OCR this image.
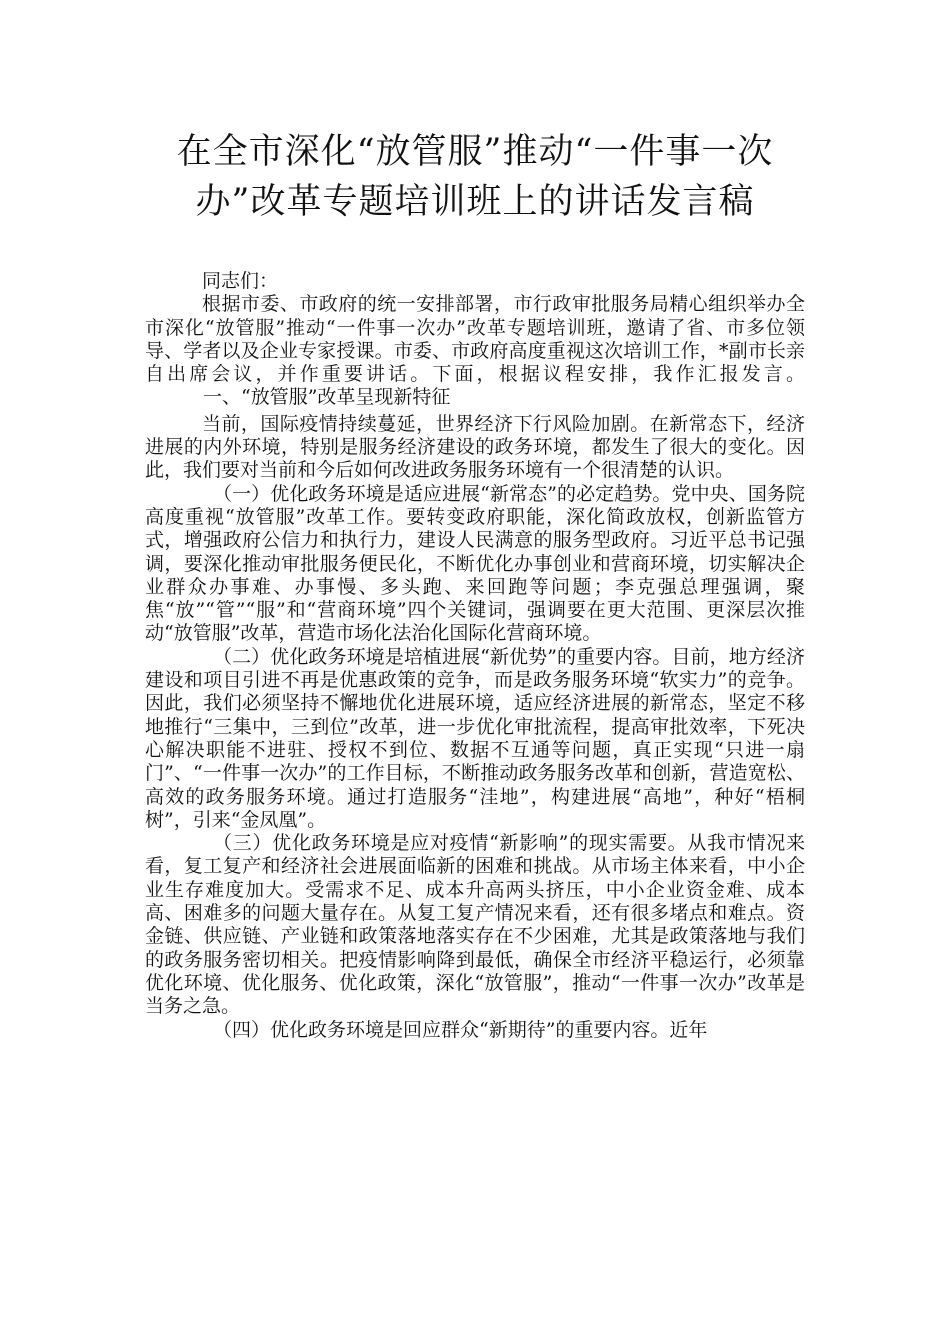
在全市深化“放管服”推动“一件事一次
办”改革专题培训班上的讲话发言稿

同志们：

根据市委、市政府的统一安排部署，市行政审批服务局精心组织举办全市深化“放管服”推动“一件事一次办”改革专题培训班，邀请了省、市多位领导、学者以及企业专家授课。市委、市政府高度重视这次培训工作，*副市长亲自出席会议，并作重要讲话。下面，根据议程安排，我作汇报发言。一、“放管服”改革呈现新特征

当前，国际疫情持续蔓延，世界经济下行风险加剧。在新常态下，经济进展的内外环境，特别是服务经济建设的政务环境，都发生了很大的变化。因此，我们要对当前和今后如何改进政务服务环境有一个很清楚的认识。

（一）优化政务环境是适应进展“新常态”的必定趋势。党中央、国务院高度重视“放管服”改革工作。要转变政府职能，深化简政放权，创新监管方式，增强政府公信力和执行力，建设人民满意的服务型政府。习近平总书记强调，要深化推动审批服务便民化，不断优化办事创业和营商环境，切实解决企业群众办事难、办事慢、多头跑、来回跑等问题；李克强总理强调，聚焦“放”“管”“服”和“营商环境”四个关键词，强调要在更大范围、更深层次推动“放管服”改革，营造市场化法治化国际化营商环境。

（二）优化政务环境是培植进展“新优势”的重要内容。目前，地方经济建设和项目引进不再是优惠政策的竞争，而是政务服务环境“软实力”的竞争。因此，我们必须坚持不懈地优化进展环境，适应经济进展的新常态，坚定不移地推行“三集中，三到位”改革，进一步优化审批流程，提高审批效率，下死决心解决职能不进驻、授权不到位、数据不互通等问题，真正实现“只进一扇门”、“一件事一次办”的工作目标，不断推动政务服务改革和创新，营造宽松、高效的政务服务环境。通过打造服务“洼地”，构建进展“高地”，种好“梧桐树”，引来“金凤凰”。

（三）优化政务环境是应对疫情“新影响”的现实需要。从我市情况来看，复工复产和经济社会进展面临新的困难和挑战。从市场主体来看，中小企业生存难度加大。受需求不足、成本升高两头挤压，中小企业资金难、成本高、困难多的问题大量存在。从复工复产情况来看，还有很多堵点和难点。资金链、供应链、产业链和政策落地落实存在不少困难，尤其是政策落地与我们的政务服务密切相关。把疫情影响降到最低，确保全市经济平稳运行，必须靠优化环境、优化服务、优化政策，深化“放管服”，推动“一件事一次办”改革是当务之急。

（四）优化政务环境是回应群众“新期待”的重要内容。近年
